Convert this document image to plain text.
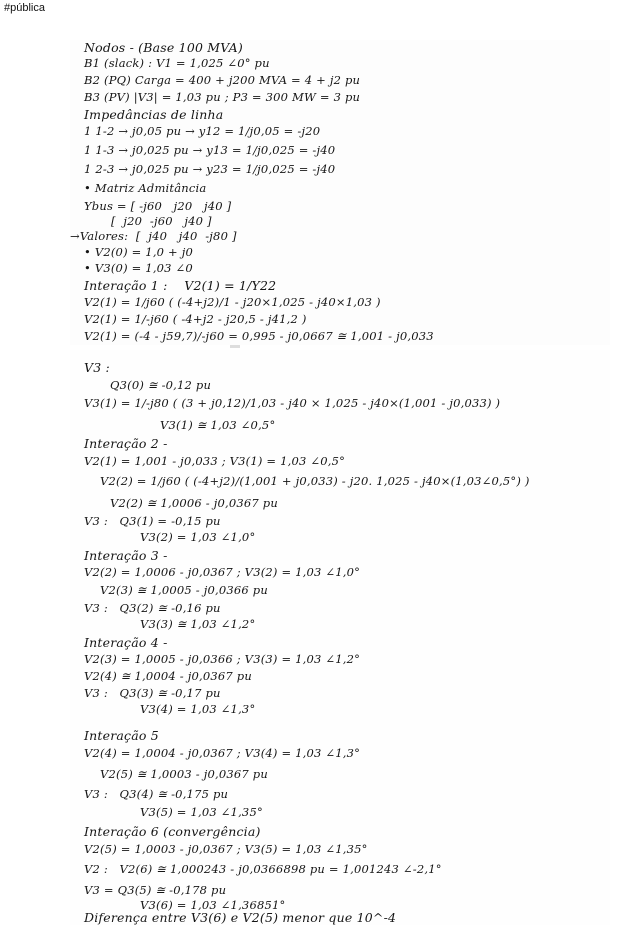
#pública
Nodos - (Base 100 MVA)
B1 (slack) : V1 = 1,025 ∠0° pu
B2 (PQ) Carga = 400 + j200 MVA = 4 + j2 pu
B3 (PV) |V3| = 1,03 pu ; P3 = 300 MW = 3 pu
Impedâncias de linha
1 1-2 → j0,05 pu → y12 = 1/j0,05 = -j20
1 1-3 → j0,025 pu → y13 = 1/j0,025 = -j40
1 2-3 → j0,025 pu → y23 = 1/j0,025 = -j40
• Matriz Admitância
Ybus = [ -j60   j20   j40 ]
[  j20  -j60   j40 ]
→Valores:  [  j40   j40  -j80 ]
• V2(0) = 1,0 + j0
• V3(0) = 1,03 ∠0
Interação 1 :    V2(1) = 1/Y22
V2(1) = 1/j60 ( (-4+j2)/1 - j20×1,025 - j40×1,03 )
V2(1) = 1/-j60 ( -4+j2 - j20,5 - j41,2 )
V2(1) = (-4 - j59,7)/-j60 = 0,995 - j0,0667 ≅ 1,001 - j0,033
V3 :
Q3(0) ≅ -0,12 pu
V3(1) = 1/-j80 ( (3 + j0,12)/1,03 - j40 × 1,025 - j40×(1,001 - j0,033) )
V3(1) ≅ 1,03 ∠0,5°
Interação 2 -
V2(1) = 1,001 - j0,033 ; V3(1) = 1,03 ∠0,5°
V2(2) = 1/j60 ( (-4+j2)/(1,001 + j0,033) - j20. 1,025 - j40×(1,03∠0,5°) )
V2(2) ≅ 1,0006 - j0,0367 pu
V3 :   Q3(1) = -0,15 pu
V3(2) = 1,03 ∠1,0°
Interação 3 -
V2(2) = 1,0006 - j0,0367 ; V3(2) = 1,03 ∠1,0°
V2(3) ≅ 1,0005 - j0,0366 pu
V3 :   Q3(2) ≅ -0,16 pu
V3(3) ≅ 1,03 ∠1,2°
Interação 4 -
V2(3) = 1,0005 - j0,0366 ; V3(3) = 1,03 ∠1,2°
V2(4) ≅ 1,0004 - j0,0367 pu
V3 :   Q3(3) ≅ -0,17 pu
V3(4) = 1,03 ∠1,3°
Interação 5
V2(4) = 1,0004 - j0,0367 ; V3(4) = 1,03 ∠1,3°
V2(5) ≅ 1,0003 - j0,0367 pu
V3 :   Q3(4) ≅ -0,175 pu
V3(5) = 1,03 ∠1,35°
Interação 6 (convergência)
V2(5) = 1,0003 - j0,0367 ; V3(5) = 1,03 ∠1,35°
V2 :   V2(6) ≅ 1,000243 - j0,0366898 pu = 1,001243 ∠-2,1°
V3 = Q3(5) ≅ -0,178 pu
V3(6) = 1,03 ∠1,36851°
Diferença entre V3(6) e V2(5) menor que 10^-4
